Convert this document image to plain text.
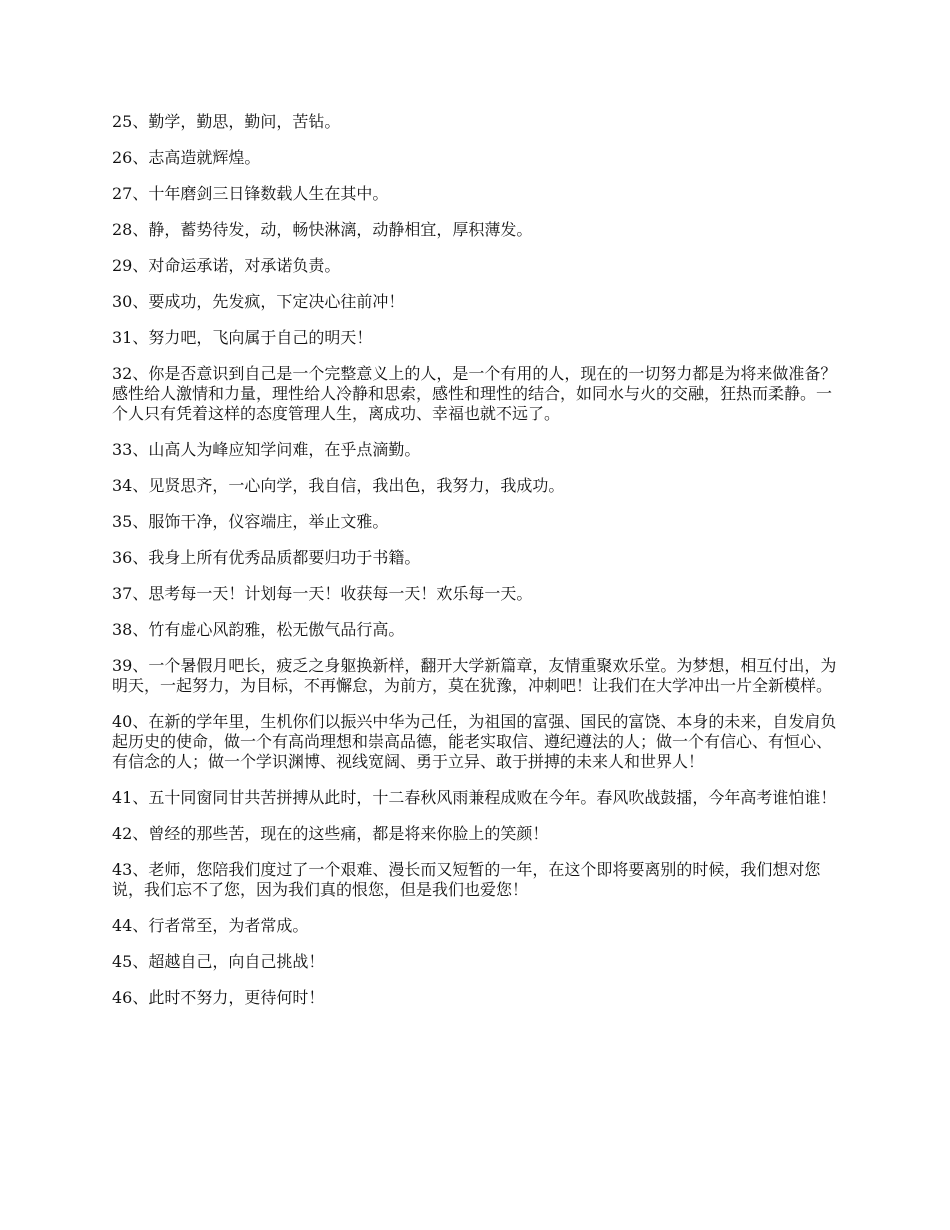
25、勤学，勤思，勤问，苦钻。

26、志高造就辉煌。

27、十年磨剑三日锋数载人生在其中。

28、静，蓄势待发，动，畅快淋漓，动静相宜，厚积薄发。

29、对命运承诺，对承诺负责。

30、要成功，先发疯，下定决心往前冲！

31、努力吧，飞向属于自己的明天！

32、你是否意识到自己是一个完整意义上的人，是一个有用的人，现在的一切努力都是为将来做准备？感性给人激情和力量，理性给人冷静和思索，感性和理性的结合，如同水与火的交融，狂热而柔静。一个人只有凭着这样的态度管理人生，离成功、幸福也就不远了。

33、山高人为峰应知学问难，在乎点滴勤。

34、见贤思齐，一心向学，我自信，我出色，我努力，我成功。

35、服饰干净，仪容端庄，举止文雅。

36、我身上所有优秀品质都要归功于书籍。

37、思考每一天！计划每一天！收获每一天！欢乐每一天。

38、竹有虚心风韵雅，松无傲气品行高。

39、一个暑假月吧长，疲乏之身躯换新样，翻开大学新篇章，友情重聚欢乐堂。为梦想，相互付出，为明天，一起努力，为目标，不再懈怠，为前方，莫在犹豫，冲刺吧！让我们在大学冲出一片全新模样。

40、在新的学年里，生机你们以振兴中华为己任，为祖国的富强、国民的富饶、本身的未来，自发肩负起历史的使命，做一个有高尚理想和崇高品德，能老实取信、遵纪遵法的人；做一个有信心、有恒心、有信念的人；做一个学识渊博、视线宽阔、勇于立异、敢于拼搏的未来人和世界人！

41、五十同窗同甘共苦拼搏从此时，十二春秋风雨兼程成败在今年。春风吹战鼓擂，今年高考谁怕谁！

42、曾经的那些苦，现在的这些痛，都是将来你脸上的笑颜！

43、老师，您陪我们度过了一个艰难、漫长而又短暂的一年，在这个即将要离别的时候，我们想对您说，我们忘不了您，因为我们真的恨您，但是我们也爱您！

44、行者常至，为者常成。

45、超越自己，向自己挑战！

46、此时不努力，更待何时！
